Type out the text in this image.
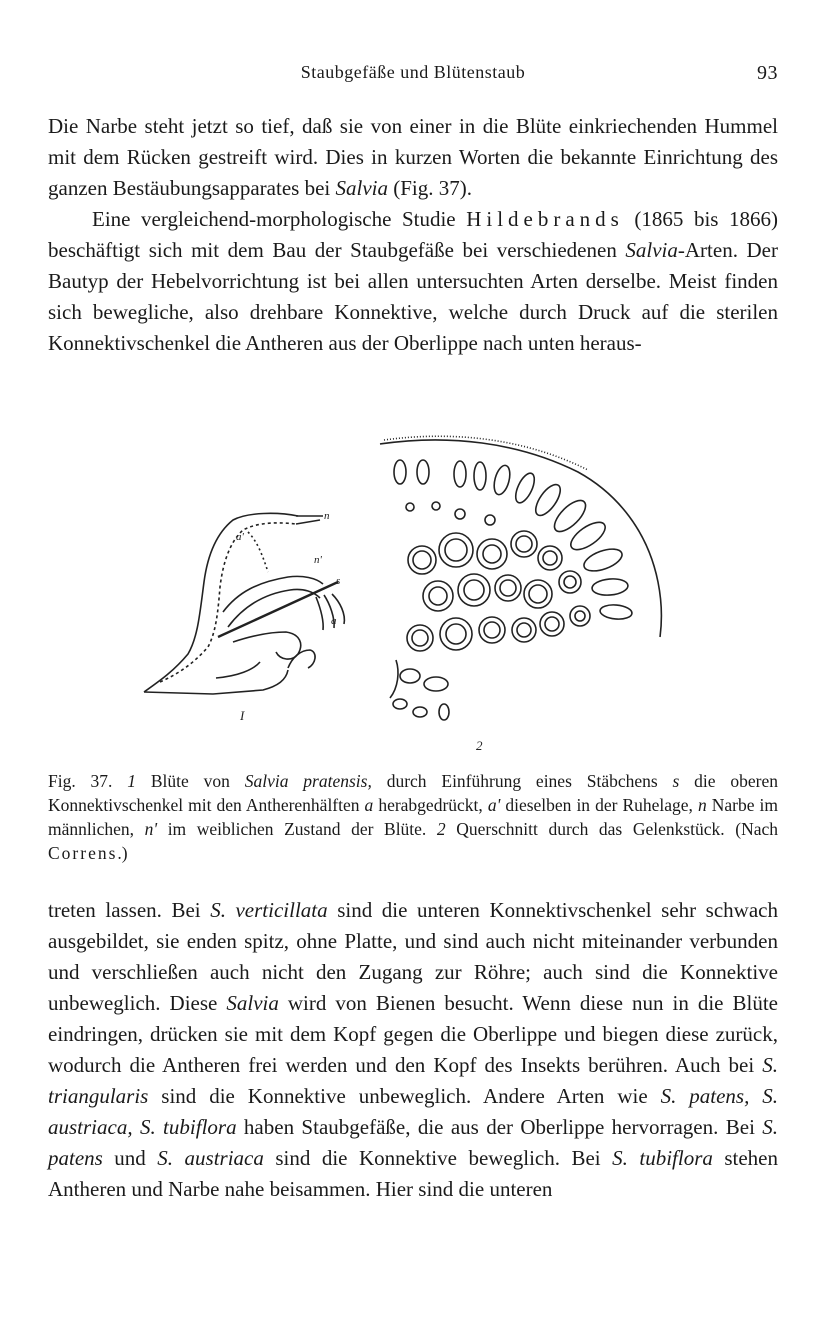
Staubgefäße und Blütenstaub	93

Die Narbe steht jetzt so tief, daß sie von einer in die Blüte einkriechenden Hummel mit dem Rücken gestreift wird. Dies in kurzen Worten die bekannte Einrichtung des ganzen Bestäubungsapparates bei Salvia (Fig. 37).

Eine vergleichend-morphologische Studie Hildebrands (1865 bis 1866) beschäftigt sich mit dem Bau der Staubgefäße bei verschiedenen Salvia-Arten. Der Bautyp der Hebelvorrichtung ist bei allen untersuchten Arten derselbe. Meist finden sich bewegliche, also drehbare Konnektive, welche durch Druck auf die sterilen Konnektivschenkel die Antheren aus der Oberlippe nach unten heraus-

n
a'
n'
s
a
I
2
Fig. 37. 1 Blüte von Salvia pratensis, durch Einführung eines Stäbchens s die oberen Konnektivschenkel mit den Antherenhälften a herabgedrückt, a' dieselben in der Ruhelage, n Narbe im männlichen, n' im weiblichen Zustand der Blüte. 2 Querschnitt durch das Gelenkstück. (Nach Correns.)

treten lassen. Bei S. verticillata sind die unteren Konnektivschenkel sehr schwach ausgebildet, sie enden spitz, ohne Platte, und sind auch nicht miteinander verbunden und verschließen auch nicht den Zugang zur Röhre; auch sind die Konnektive unbeweglich. Diese Salvia wird von Bienen besucht. Wenn diese nun in die Blüte eindringen, drücken sie mit dem Kopf gegen die Oberlippe und biegen diese zurück, wodurch die Antheren frei werden und den Kopf des Insekts berühren. Auch bei S. triangularis sind die Konnektive unbeweglich. Andere Arten wie S. patens, S. austriaca, S. tubiflora haben Staubgefäße, die aus der Oberlippe hervorragen. Bei S. patens und S. austriaca sind die Konnektive beweglich. Bei S. tubiflora stehen Antheren und Narbe nahe beisammen. Hier sind die unteren
